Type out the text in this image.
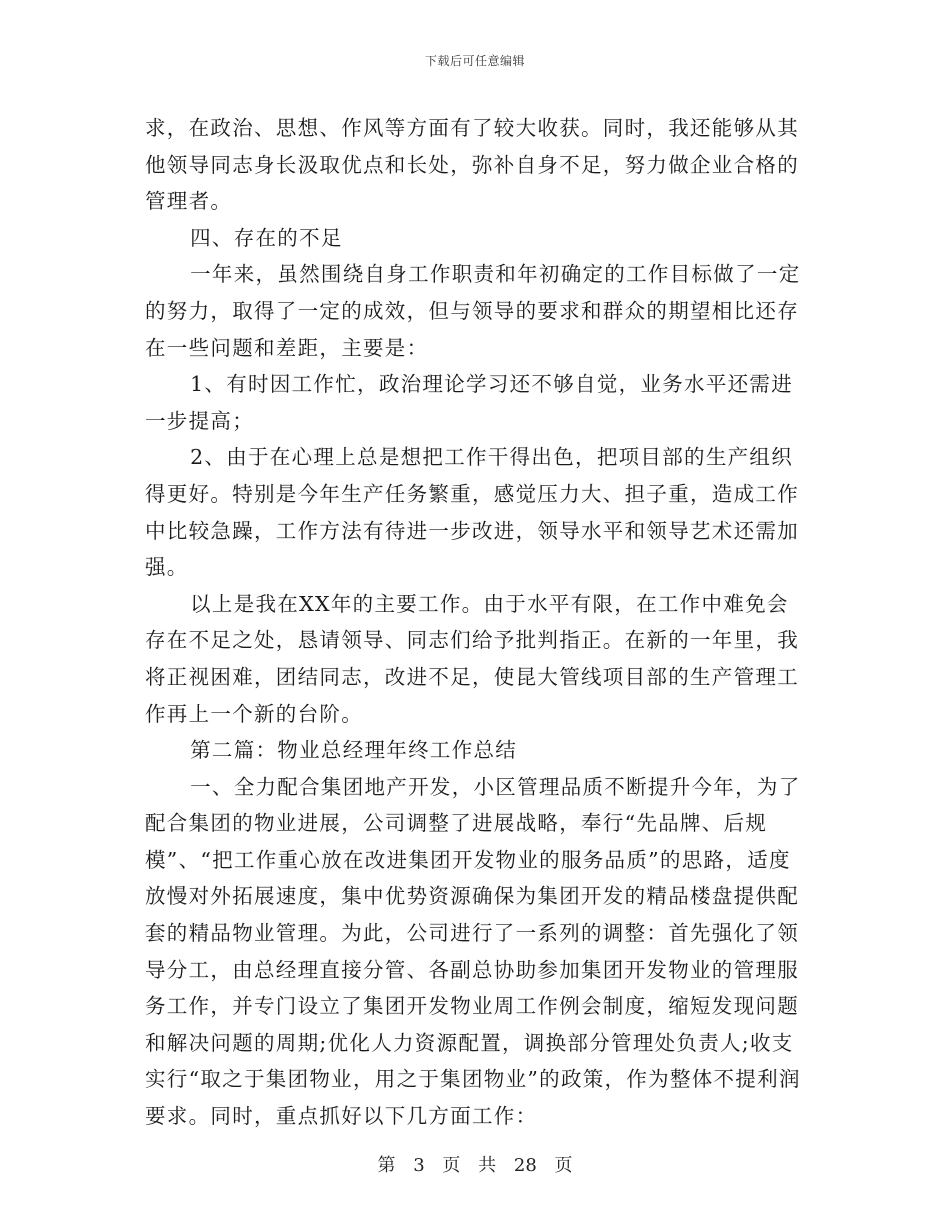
下载后可任意编辑

求，在政治、思想、作风等方面有了较大收获。同时，我还能够从其他领导同志身长汲取优点和长处，弥补自身不足，努力做企业合格的管理者。

四、存在的不足

一年来，虽然围绕自身工作职责和年初确定的工作目标做了一定的努力，取得了一定的成效，但与领导的要求和群众的期望相比还存在一些问题和差距，主要是：

1、有时因工作忙，政治理论学习还不够自觉，业务水平还需进一步提高；

2、由于在心理上总是想把工作干得出色，把项目部的生产组织得更好。特别是今年生产任务繁重，感觉压力大、担子重，造成工作中比较急躁，工作方法有待进一步改进，领导水平和领导艺术还需加强。

以上是我在XX年的主要工作。由于水平有限，在工作中难免会存在不足之处，恳请领导、同志们给予批判指正。在新的一年里，我将正视困难，团结同志，改进不足，使昆大管线项目部的生产管理工作再上一个新的台阶。

第二篇：物业总经理年终工作总结

一、全力配合集团地产开发，小区管理品质不断提升今年，为了配合集团的物业进展，公司调整了进展战略，奉行“先品牌、后规模”、“把工作重心放在改进集团开发物业的服务品质”的思路，适度放慢对外拓展速度，集中优势资源确保为集团开发的精品楼盘提供配套的精品物业管理。为此，公司进行了一系列的调整：首先强化了领导分工，由总经理直接分管、各副总协助参加集团开发物业的管理服务工作，并专门设立了集团开发物业周工作例会制度，缩短发现问题和解决问题的周期;优化人力资源配置，调换部分管理处负责人;收支实行“取之于集团物业，用之于集团物业”的政策，作为整体不提利润要求。同时，重点抓好以下几方面工作：

第 3 页 共 28 页
